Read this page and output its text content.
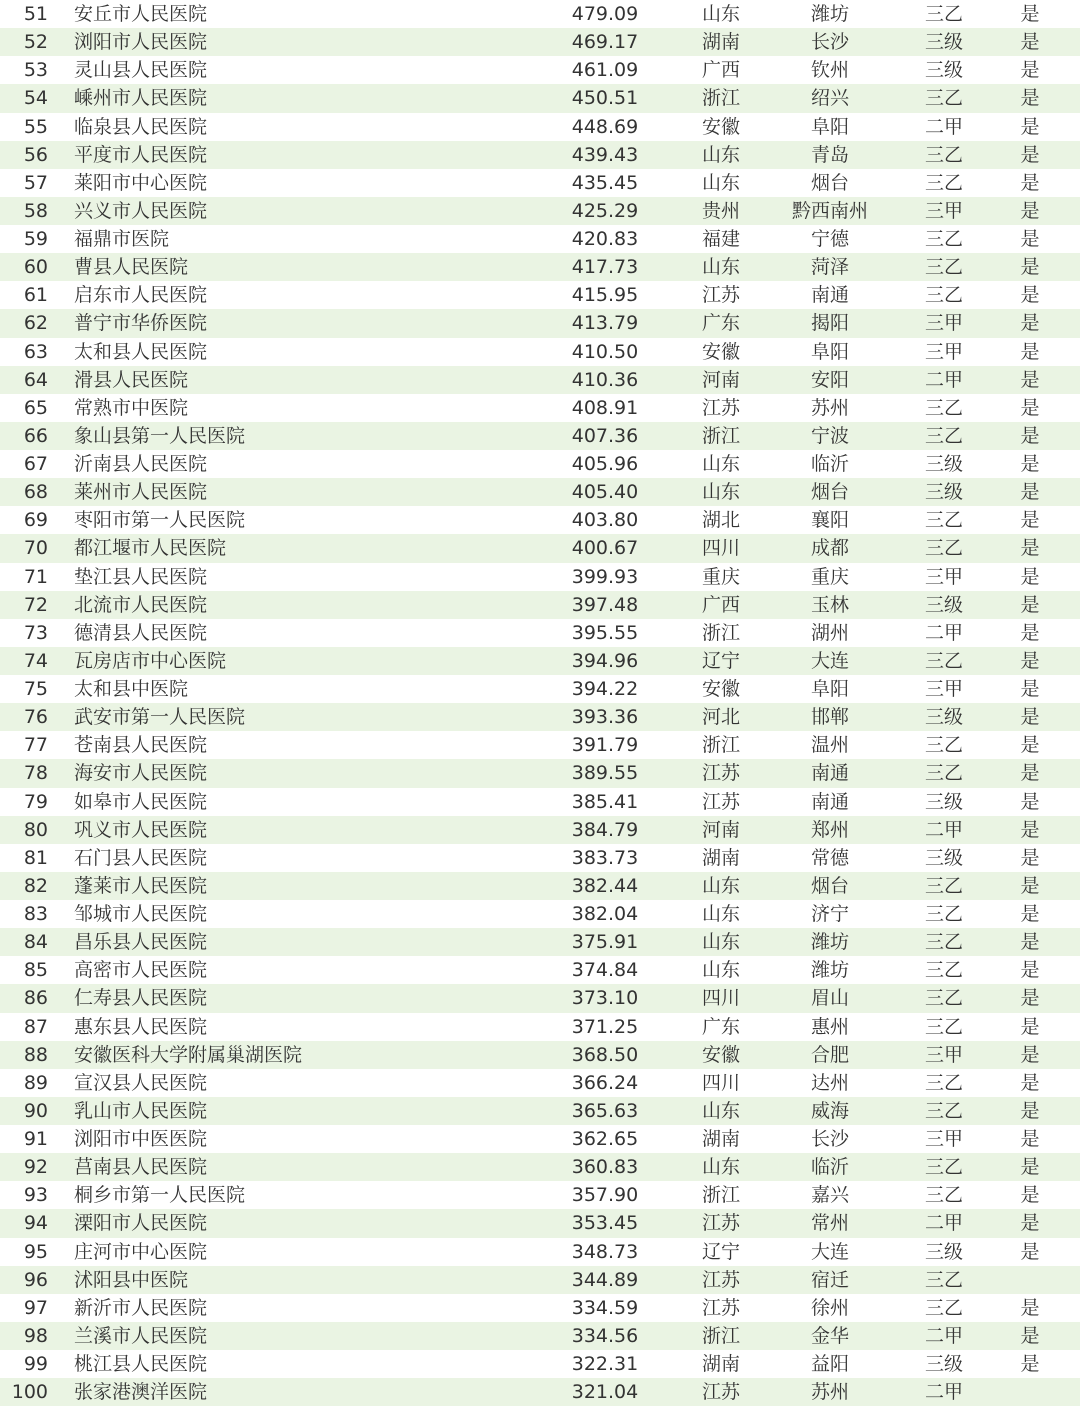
51 安丘市人民医院	479.09	山东	潍坊	三乙	是
52 浏阳市人民医院	469.17	湖南	长沙	三级	是
53 灵山县人民医院	461.09	广西	钦州	三级	是
54 嵊州市人民医院	450.51	浙江	绍兴	三乙	是
55 临泉县人民医院	448.69	安徽	阜阳	二甲	是
56 平度市人民医院	439.43	山东	青岛	三乙	是
57 莱阳市中心医院	435.45	山东	烟台	三乙	是
58 兴义市人民医院	425.29	贵州	黔西南州	三甲	是
59 福鼎市医院	420.83	福建	宁德	三乙	是
60 曹县人民医院	417.73	山东	菏泽	三乙	是
61 启东市人民医院	415.95	江苏	南通	三乙	是
62 普宁市华侨医院	413.79	广东	揭阳	三甲	是
63 太和县人民医院	410.50	安徽	阜阳	三甲	是
64 滑县人民医院	410.36	河南	安阳	二甲	是
65 常熟市中医院	408.91	江苏	苏州	三乙	是
66 象山县第一人民医院	407.36	浙江	宁波	三乙	是
67 沂南县人民医院	405.96	山东	临沂	三级	是
68 莱州市人民医院	405.40	山东	烟台	三级	是
69 枣阳市第一人民医院	403.80	湖北	襄阳	三乙	是
70 都江堰市人民医院	400.67	四川	成都	三乙	是
71 垫江县人民医院	399.93	重庆	重庆	三甲	是
72 北流市人民医院	397.48	广西	玉林	三级	是
73 德清县人民医院	395.55	浙江	湖州	二甲	是
74 瓦房店市中心医院	394.96	辽宁	大连	三乙	是
75 太和县中医院	394.22	安徽	阜阳	三甲	是
76 武安市第一人民医院	393.36	河北	邯郸	三级	是
77 苍南县人民医院	391.79	浙江	温州	三乙	是
78 海安市人民医院	389.55	江苏	南通	三乙	是
79 如皋市人民医院	385.41	江苏	南通	三级	是
80 巩义市人民医院	384.79	河南	郑州	二甲	是
81 石门县人民医院	383.73	湖南	常德	三级	是
82 蓬莱市人民医院	382.44	山东	烟台	三乙	是
83 邹城市人民医院	382.04	山东	济宁	三乙	是
84 昌乐县人民医院	375.91	山东	潍坊	三乙	是
85 高密市人民医院	374.84	山东	潍坊	三乙	是
86 仁寿县人民医院	373.10	四川	眉山	三乙	是
87 惠东县人民医院	371.25	广东	惠州	三乙	是
88 安徽医科大学附属巢湖医院	368.50	安徽	合肥	三甲	是
89 宣汉县人民医院	366.24	四川	达州	三乙	是
90 乳山市人民医院	365.63	山东	威海	三乙	是
91 浏阳市中医医院	362.65	湖南	长沙	三甲	是
92 莒南县人民医院	360.83	山东	临沂	三乙	是
93 桐乡市第一人民医院	357.90	浙江	嘉兴	三乙	是
94 溧阳市人民医院	353.45	江苏	常州	二甲	是
95 庄河市中心医院	348.73	辽宁	大连	三级	是
96 沭阳县中医院	344.89	江苏	宿迁	三乙
97 新沂市人民医院	334.59	江苏	徐州	三乙	是
98 兰溪市人民医院	334.56	浙江	金华	二甲	是
99 桃江县人民医院	322.31	湖南	益阳	三级	是
100 张家港澳洋医院	321.04	江苏	苏州	二甲
